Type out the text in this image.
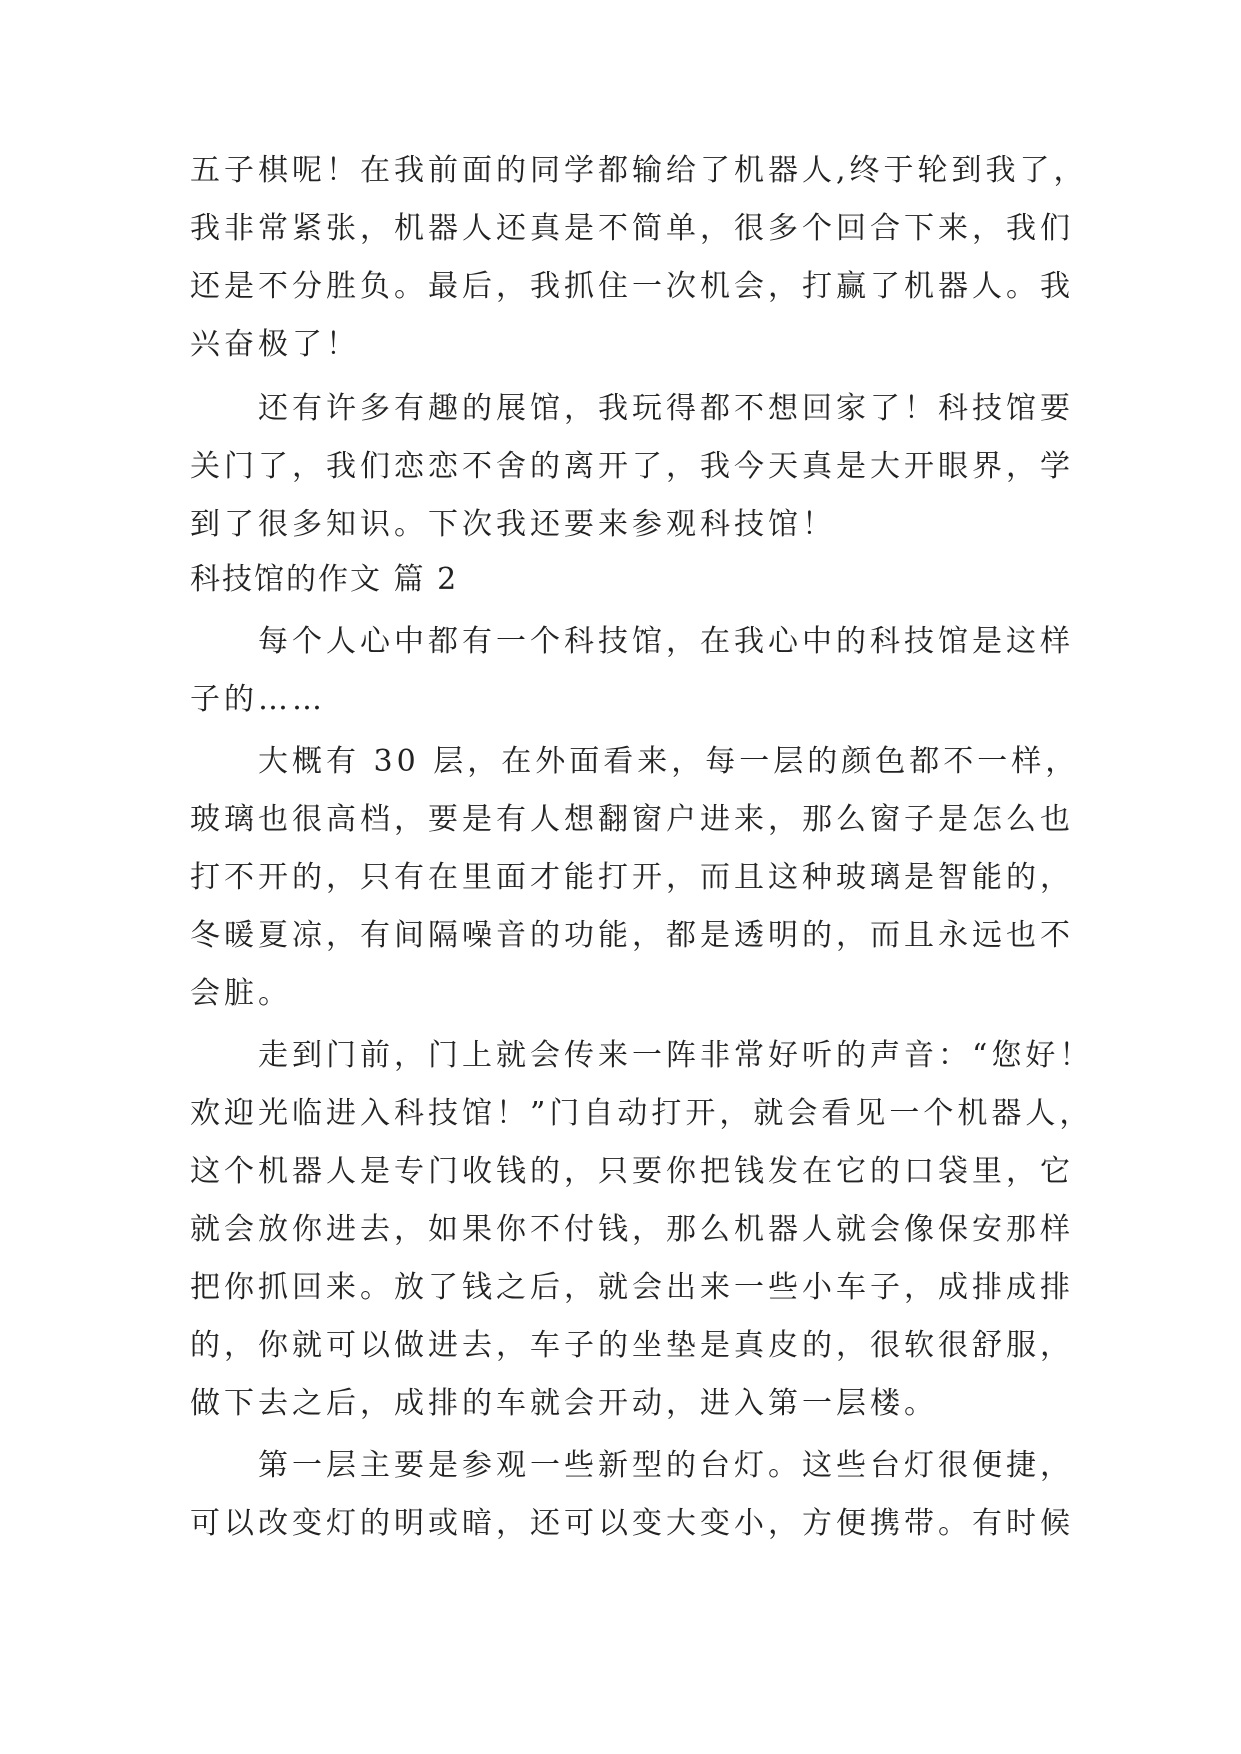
五子棋呢！在我前面的同学都输给了机器人,终于轮到我了，
我非常紧张，机器人还真是不简单，很多个回合下来，我们
还是不分胜负。最后，我抓住一次机会，打赢了机器人。我
兴奋极了！
　　还有许多有趣的展馆，我玩得都不想回家了！科技馆要
关门了，我们恋恋不舍的离开了，我今天真是大开眼界，学
到了很多知识。下次我还要来参观科技馆！
科技馆的作文 篇 2
　　每个人心中都有一个科技馆，在我心中的科技馆是这样
子的……
　　大概有 30 层，在外面看来，每一层的颜色都不一样，
玻璃也很高档，要是有人想翻窗户进来，那么窗子是怎么也
打不开的，只有在里面才能打开，而且这种玻璃是智能的，
冬暖夏凉，有间隔噪音的功能，都是透明的，而且永远也不
会脏。
　　走到门前，门上就会传来一阵非常好听的声音：“您好！
欢迎光临进入科技馆！”门自动打开，就会看见一个机器人，
这个机器人是专门收钱的，只要你把钱发在它的口袋里，它
就会放你进去，如果你不付钱，那么机器人就会像保安那样
把你抓回来。放了钱之后，就会出来一些小车子，成排成排
的，你就可以做进去，车子的坐垫是真皮的，很软很舒服，
做下去之后，成排的车就会开动，进入第一层楼。
　　第一层主要是参观一些新型的台灯。这些台灯很便捷，
可以改变灯的明或暗，还可以变大变小，方便携带。有时候
